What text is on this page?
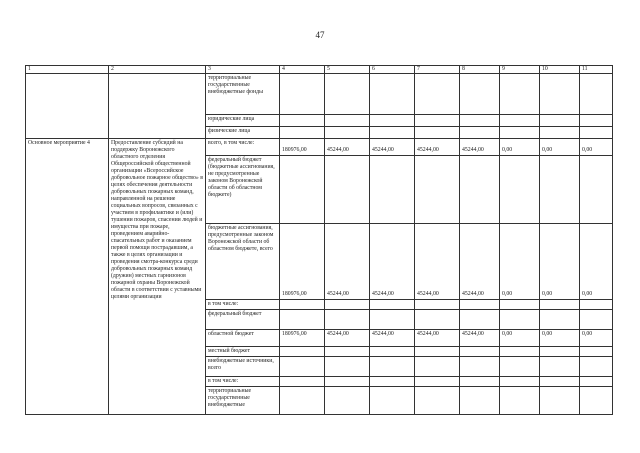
47
1	2	3	4	5	6	7	8	9	10	11
		территориальные государственные внебюджетные фонды								
		юридические лица								
		физические лица								
Основное мероприятие 4	Предоставление субсидий на поддержку Воронежского областного отделения Общероссийской общественной организации «Всероссийское добровольное пожарное общество» в целях обеспечения деятельности добровольных пожарных команд, направленной на решение социальных вопросов, связанных с участием в профилактике и (или) тушении пожаров, спасении людей и имущества при пожаре, проведением аварийно-спасательных работ и оказанием первой помощи пострадавшим, а также в целях организации и проведения смотра-конкурса среди добровольных пожарных команд (дружин) местных гарнизонов пожарной охраны Воронежской области в соответствии с уставными целями организации	всего, в том числе:	180976,00	45244,00	45244,00	45244,00	45244,00	0,00	0,00	0,00
		федеральный бюджет (бюджетные ассигнования, не предусмотренные законом Воронежской области об областном бюджете)								
		бюджетные ассигнования, предусмотренные законом Воронежской области об областном бюджете, всего	180976,00	45244,00	45244,00	45244,00	45244,00	0,00	0,00	0,00
		в том числе:								
		федеральный бюджет								
		областной бюджет	180976,00	45244,00	45244,00	45244,00	45244,00	0,00	0,00	0,00
		местный бюджет								
		внебюджетные источники, всего								
		в том числе:								
		территориальные государственные внебюджетные								
